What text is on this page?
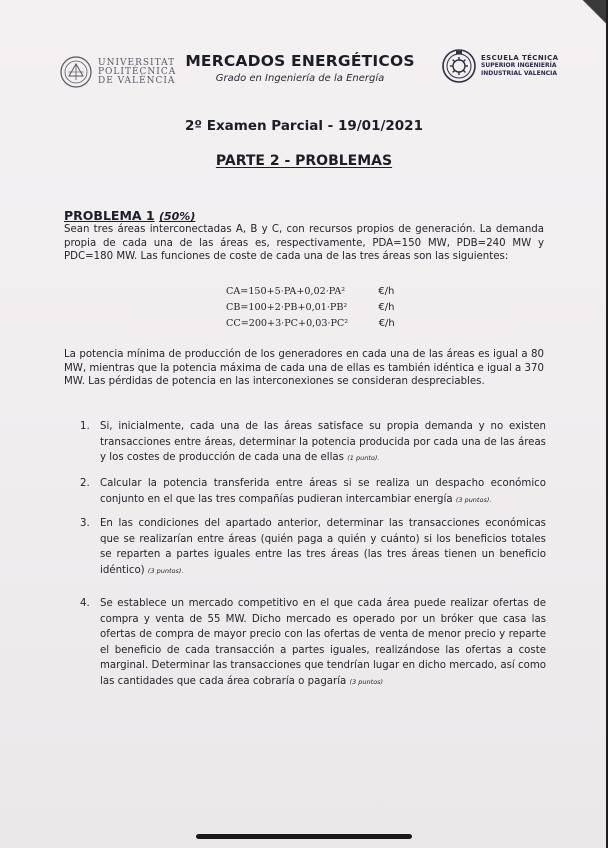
UNIVERSITAT
POLITÈCNICA
DE VALÈNCIA
MERCADOS ENERGÉTICOS
Grado en Ingeniería de la Energía
ESCUELA TÉCNICA
SUPERIOR INGENIERÍA
INDUSTRIAL VALENCIA
2º Examen Parcial - 19/01/2021
PARTE 2 - PROBLEMAS
PROBLEMA 1 (50%)
Sean tres áreas interconectadas A, B y C, con recursos propios de generación. La demanda propia de cada una de las áreas es, respectivamente, PDA=150 MW, PDB=240 MW y PDC=180 MW. Las funciones de coste de cada una de las tres áreas son las siguientes:
CA =150+5·PA+0,02·PA²	€/h
CB =100+2·PB+0,01·PB²	€/h
CC =200+3·PC+0,03·PC²	€/h
La potencia mínima de producción de los generadores en cada una de las áreas es igual a 80 MW, mientras que la potencia máxima de cada una de ellas es también idéntica e igual a 370 MW. Las pérdidas de potencia en las interconexiones se consideran despreciables.
1. Si, inicialmente, cada una de las áreas satisface su propia demanda y no existen transacciones entre áreas, determinar la potencia producida por cada una de las áreas y los costes de producción de cada una de ellas (1 punto).
2. Calcular la potencia transferida entre áreas si se realiza un despacho económico conjunto en el que las tres compañías pudieran intercambiar energía (3 puntos).
3. En las condiciones del apartado anterior, determinar las transacciones económicas que se realizarían entre áreas (quién paga a quién y cuánto) si los beneficios totales se reparten a partes iguales entre las tres áreas (las tres áreas tienen un beneficio idéntico) (3 puntos).
4. Se establece un mercado competitivo en el que cada área puede realizar ofertas de compra y venta de 55 MW. Dicho mercado es operado por un bróker que casa las ofertas de compra de mayor precio con las ofertas de venta de menor precio y reparte el beneficio de cada transacción a partes iguales, realizándose las ofertas a coste marginal. Determinar las transacciones que tendrían lugar en dicho mercado, así como las cantidades que cada área cobraría o pagaría (3 puntos)
